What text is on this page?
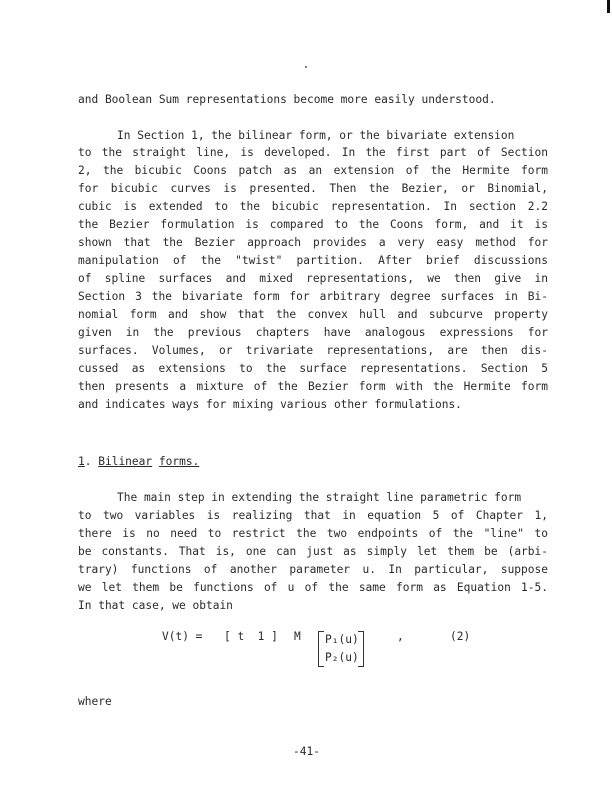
and Boolean Sum representations become more easily understood.
In Section 1, the bilinear form, or the bivariate extension
to the straight line, is developed. In the first part of Section
2, the bicubic Coons patch as an extension of the Hermite form
for bicubic curves is presented. Then the Bezier, or Binomial,
cubic is extended to the bicubic representation. In section 2.2
the Bezier formulation is compared to the Coons form, and it is
shown that the Bezier approach provides a very easy method for
manipulation of the "twist" partition. After brief discussions
of spline surfaces and mixed representations, we then give in
Section 3 the bivariate form for arbitrary degree surfaces in Bi-
nomial form and show that the convex hull and subcurve property
given in the previous chapters have analogous expressions for
surfaces. Volumes, or trivariate representations, are then dis-
cussed as extensions to the surface representations. Section 5
then presents a mixture of the Bezier form with the Hermite form
and indicates ways for mixing various other formulations.
1. Bilinear forms.
The main step in extending the straight line parametric form
to two variables is realizing that in equation 5 of Chapter 1,
there is no need to restrict the two endpoints of the "line" to
be constants. That is, one can just as simply let them be (arbi-
trary) functions of another parameter u. In particular, suppose
we let them be functions of u of the same form as Equation 1-5.
In that case, we obtain
V(t) = [ t  1 ] M P₁(u)
P₂(u)
,	(2)
where
-41-
